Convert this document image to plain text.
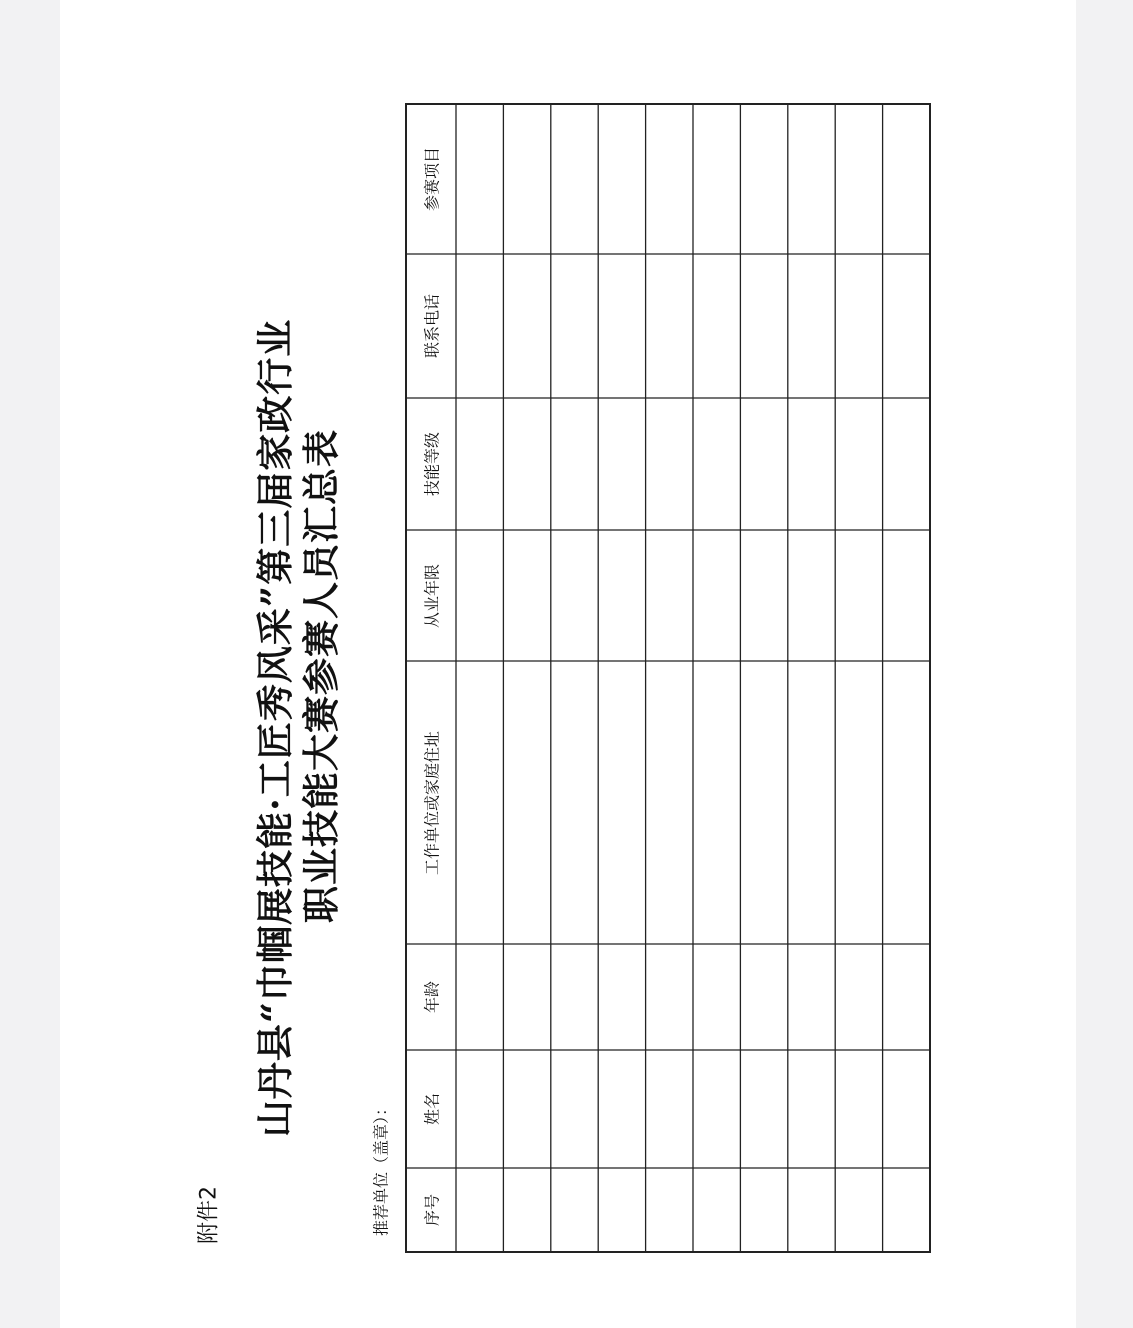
附件2
山丹县“巾帼展技能·工匠秀风采”第三届家政行业 职业技能大赛参赛人员汇总表
推荐单位（盖章）： 序号
姓名
年龄
工作单位或家庭住址
从业年限
技能等级
联系电话
参赛项目
